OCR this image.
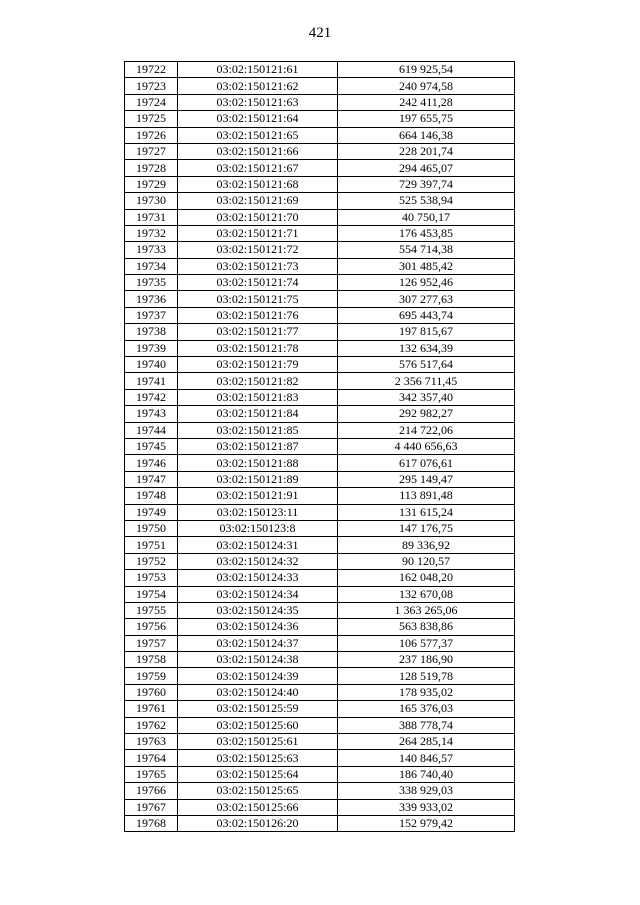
421
19722	03:02:150121:61	619 925,54
19723	03:02:150121:62	240 974,58
19724	03:02:150121:63	242 411,28
19725	03:02:150121:64	197 655,75
19726	03:02:150121:65	664 146,38
19727	03:02:150121:66	228 201,74
19728	03:02:150121:67	294 465,07
19729	03:02:150121:68	729 397,74
19730	03:02:150121:69	525 538,94
19731	03:02:150121:70	40 750,17
19732	03:02:150121:71	176 453,85
19733	03:02:150121:72	554 714,38
19734	03:02:150121:73	301 485,42
19735	03:02:150121:74	126 952,46
19736	03:02:150121:75	307 277,63
19737	03:02:150121:76	695 443,74
19738	03:02:150121:77	197 815,67
19739	03:02:150121:78	132 634,39
19740	03:02:150121:79	576 517,64
19741	03:02:150121:82	2 356 711,45
19742	03:02:150121:83	342 357,40
19743	03:02:150121:84	292 982,27
19744	03:02:150121:85	214 722,06
19745	03:02:150121:87	4 440 656,63
19746	03:02:150121:88	617 076,61
19747	03:02:150121:89	295 149,47
19748	03:02:150121:91	113 891,48
19749	03:02:150123:11	131 615,24
19750	03:02:150123:8	147 176,75
19751	03:02:150124:31	89 336,92
19752	03:02:150124:32	90 120,57
19753	03:02:150124:33	162 048,20
19754	03:02:150124:34	132 670,08
19755	03:02:150124:35	1 363 265,06
19756	03:02:150124:36	563 838,86
19757	03:02:150124:37	106 577,37
19758	03:02:150124:38	237 186,90
19759	03:02:150124:39	128 519,78
19760	03:02:150124:40	178 935,02
19761	03:02:150125:59	165 376,03
19762	03:02:150125:60	388 778,74
19763	03:02:150125:61	264 285,14
19764	03:02:150125:63	140 846,57
19765	03:02:150125:64	186 740,40
19766	03:02:150125:65	338 929,03
19767	03:02:150125:66	339 933,02
19768	03:02:150126:20	152 979,42
